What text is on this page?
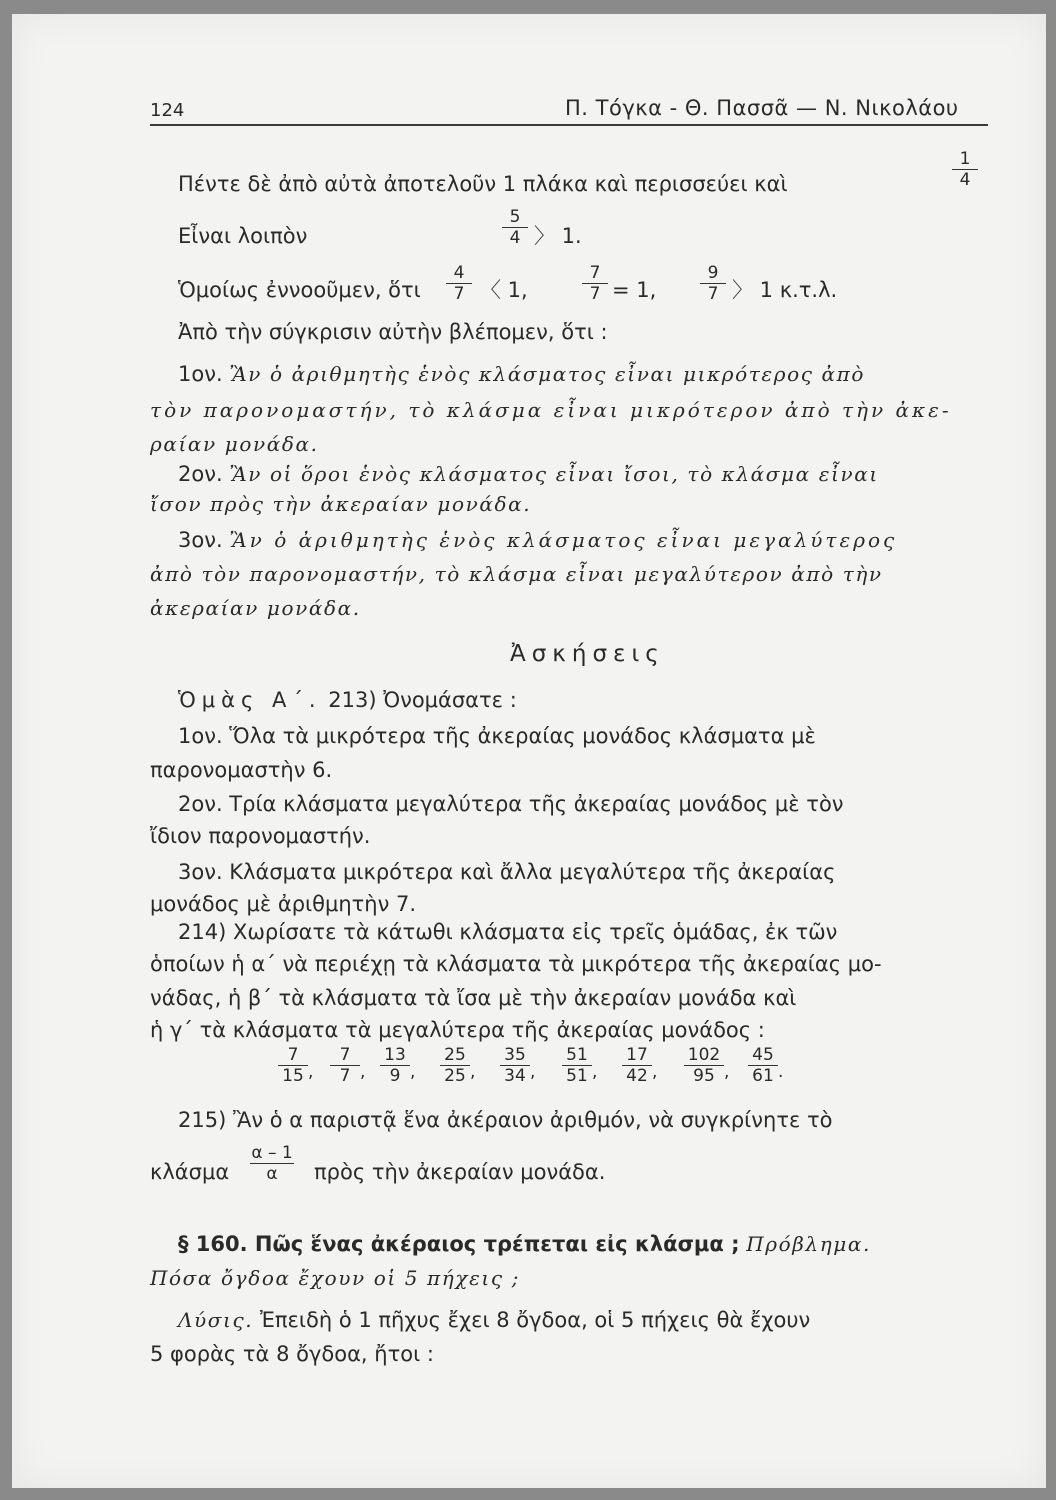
124	Π. Τόγκα - Θ. Πασσᾶ — Ν. Νικολάου
Πέντε δὲ ἀπὸ αὐτὰ ἀποτελοῦν 1 πλάκα καὶ περισσεύει καὶ
1
4
Εἶναι λοιπὸν
5
4 〉 1.
Ὁμοίως ἐννοοῦμεν, ὅτι
4
7 〈 1,
7
7 = 1,
9
7 〉 1 κ.τ.λ.
Ἀπὸ τὴν σύγκρισιν αὐτὴν βλέπομεν, ὅτι :
1ον. Ἂν ὁ ἀριθμητὴς ἑνὸς κλάσματος εἶναι μικρότερος ἀπὸ
τὸν παρονομαστήν, τὸ κλάσμα εἶναι μικρότερον ἀπὸ τὴν ἀκε-
ραίαν μονάδα.
2ον. Ἂν οἱ ὅροι ἑνὸς κλάσματος εἶναι ἴσοι, τὸ κλάσμα εἶναι
ἴσον πρὸς τὴν ἀκεραίαν μονάδα.
3ον. Ἂν ὁ ἀριθμητὴς ἑνὸς κλάσματος εἶναι μεγαλύτερος
ἀπὸ τὸν παρονομαστήν, τὸ κλάσμα εἶναι μεγαλύτερον ἀπὸ τὴν
ἀκεραίαν μονάδα.
Ἀσκήσεις
Ὁμὰς Α΄. 213) Ὀνομάσατε :
1ον. Ὅλα τὰ μικρότερα τῆς ἀκεραίας μονάδος κλάσματα μὲ
παρονομαστὴν 6.
2ον. Τρία κλάσματα μεγαλύτερα τῆς ἀκεραίας μονάδος μὲ τὸν
ἴδιον παρονομαστήν.
3ον. Κλάσματα μικρότερα καὶ ἄλλα μεγαλύτερα τῆς ἀκεραίας
μονάδος μὲ ἀριθμητὴν 7.
214) Χωρίσατε τὰ κάτωθι κλάσματα εἰς τρεῖς ὁμάδας, ἐκ τῶν
ὁποίων ἡ α΄ νὰ περιέχῃ τὰ κλάσματα τὰ μικρότερα τῆς ἀκεραίας μο-
νάδας, ἡ β΄ τὰ κλάσματα τὰ ἴσα μὲ τὴν ἀκεραίαν μονάδα καὶ
ἡ γ΄ τὰ κλάσματα τὰ μεγαλύτερα τῆς ἀκεραίας μονάδος :
7
15 ,
7
7 ,
13
9 ,
25
25 ,
35
34 ,
51
51 ,
17
42 ,
102
95 ,
45
61 .
215) Ἂν ὁ α παριστᾷ ἕνα ἀκέραιον ἀριθμόν, νὰ συγκρίνητε τὸ
κλάσμα
α – 1
α	πρὸς τὴν ἀκεραίαν μονάδα.
§ 160. Πῶς ἕνας ἀκέραιος τρέπεται εἰς κλάσμα ; Πρόβλημα.
Πόσα ὄγδοα ἔχουν οἱ 5 πήχεις ;
Λύσις. Ἐπειδὴ ὁ 1 πῆχυς ἔχει 8 ὄγδοα, οἱ 5 πήχεις θὰ ἔχουν
5 φορὰς τὰ 8 ὄγδοα, ἤτοι :
